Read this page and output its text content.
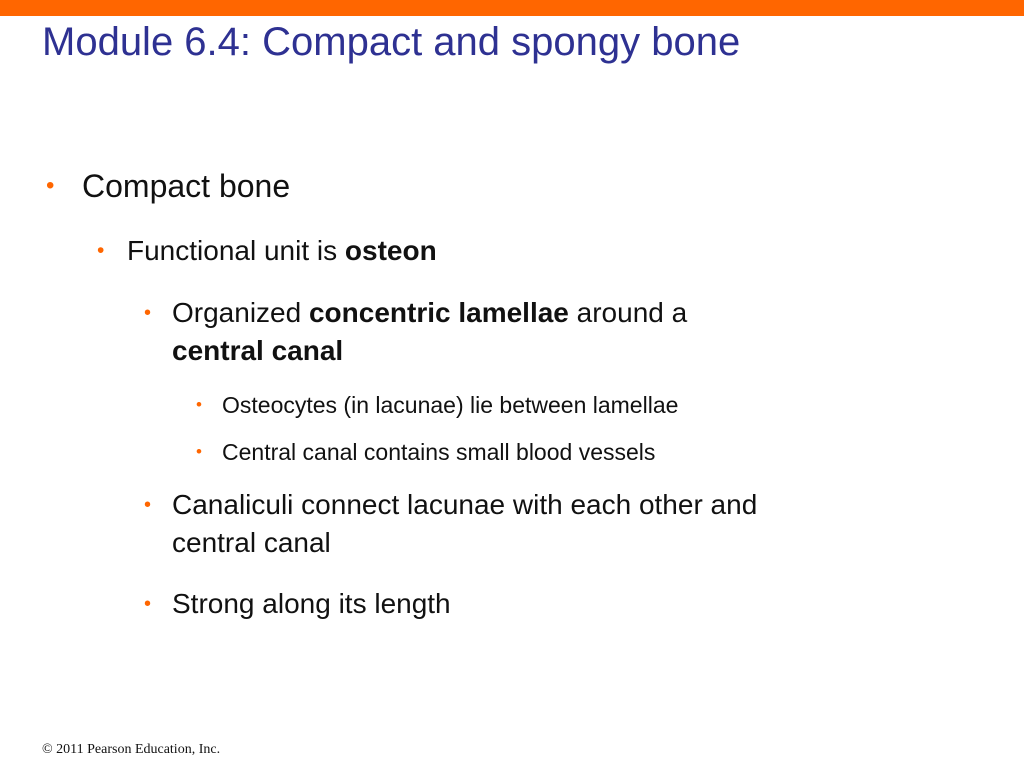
Module 6.4: Compact and spongy bone
• Compact bone
• Functional unit is osteon
• Organized concentric lamellae around a
central canal
• Osteocytes (in lacunae) lie between lamellae
• Central canal contains small blood vessels
• Canaliculi connect lacunae with each other and
central canal
• Strong along its length
© 2011 Pearson Education, Inc.
